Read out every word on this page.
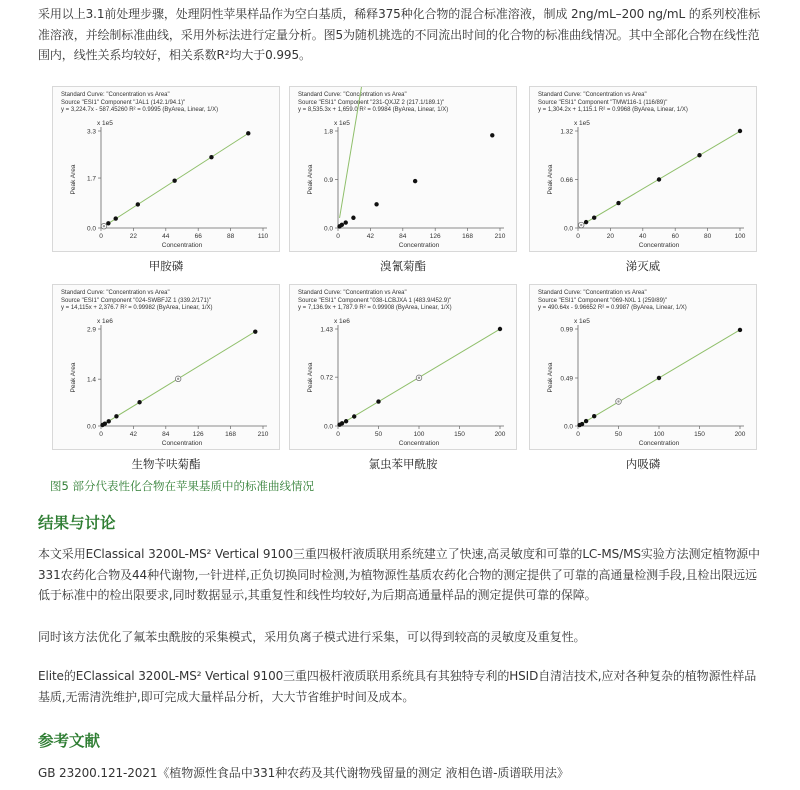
采用以上3.1前处理步骤，处理阴性苹果样品作为空白基质，稀释375种化合物的混合标准溶液，制成 2ng/mL–200 ng/mL 的系列校准标准溶液，并绘制标准曲线，采用外标法进行定量分析。图5为随机挑选的不同流出时间的化合物的标准曲线情况。其中全部化合物在线性范围内，线性关系均较好，相关系数R²均大于0.995。

Standard Curve: "Concentration vs Area"
Source "ESI1" Component "JAL1 (142.1/94.1)"
y = 3,224.7x - 587.45260 R² = 0.9995 (ByArea, Linear, 1/X)
0.0
1.7
3.3
0	22	44	66	88	110
x 1e5
Concentration
Peak Area
Standard Curve: "Concentration vs Area"
Source "ESI1" Component "231-QXJZ 2 (217.1/189.1)"
y = 8,535.3x + 1,659.0 R² = 0.9984 (ByArea, Linear, 1/X)
0.0
0.9
1.8
0	42	84	126	168	210
x 1e5
Concentration
Peak Area
Standard Curve: "Concentration vs Area"
Source "ESI1" Component "TMW116-1 (116/89)"
y = 1,304.2x + 1,115.1 R² = 0.9968 (ByArea, Linear, 1/X)
0.0
0.66
1.32
0	20	40	60	80	100
x 1e5
Concentration
Peak Area
甲胺磷	溴氰菊酯	涕灭威
Standard Curve: "Concentration vs Area"
Source "ESI1" Component "024-SWBFJZ 1 (339.2/171)"
y = 14,115x + 2,376.7 R² = 0.99982 (ByArea, Linear, 1/X)
0.0
1.4
2.9
0	42	84	126	168	210
x 1e6
Concentration
Peak Area
Standard Curve: "Concentration vs Area"
Source "ESI1" Component "038-LCBJXA 1 (483.9/452.9)"
y = 7,136.9x + 1,787.9 R² = 0.99908 (ByArea, Linear, 1/X)
0.0
0.72
1.43
0	50	100	150	200
x 1e6
Concentration
Peak Area
Standard Curve: "Concentration vs Area"
Source "ESI1" Component "069-NXL 1 (259/89)"
y = 490.64x - 9.96652 R² = 0.9987 (ByArea, Linear, 1/X)
0.0
0.49
0.99
0	50	100	150	200
x 1e5
Concentration
Peak Area
生物苄呋菊酯	氯虫苯甲酰胺	内吸磷
图5 部分代表性化合物在苹果基质中的标准曲线情况
结果与讨论

本文采用EClassical 3200L-MS² Vertical 9100三重四极杆液质联用系统建立了快速,高灵敏度和可靠的LC-MS/MS实验方法测定植物源中331农药化合物及44种代谢物,一针进样,正负切换同时检测,为植物源性基质农药化合物的测定提供了可靠的高通量检测手段,且检出限远远低于标准中的检出限要求,同时数据显示,其重复性和线性均较好,为后期高通量样品的测定提供可靠的保障。

同时该方法优化了氟苯虫酰胺的采集模式，采用负离子模式进行采集，可以得到较高的灵敏度及重复性。

Elite的EClassical 3200L-MS² Vertical 9100三重四极杆液质联用系统具有其独特专利的HSID自清洁技术,应对各种复杂的植物源性样品基质,无需清洗维护,即可完成大量样品分析，大大节省维护时间及成本。

参考文献

GB 23200.121-2021《植物源性食品中331种农药及其代谢物残留量的测定 液相色谱-质谱联用法》
